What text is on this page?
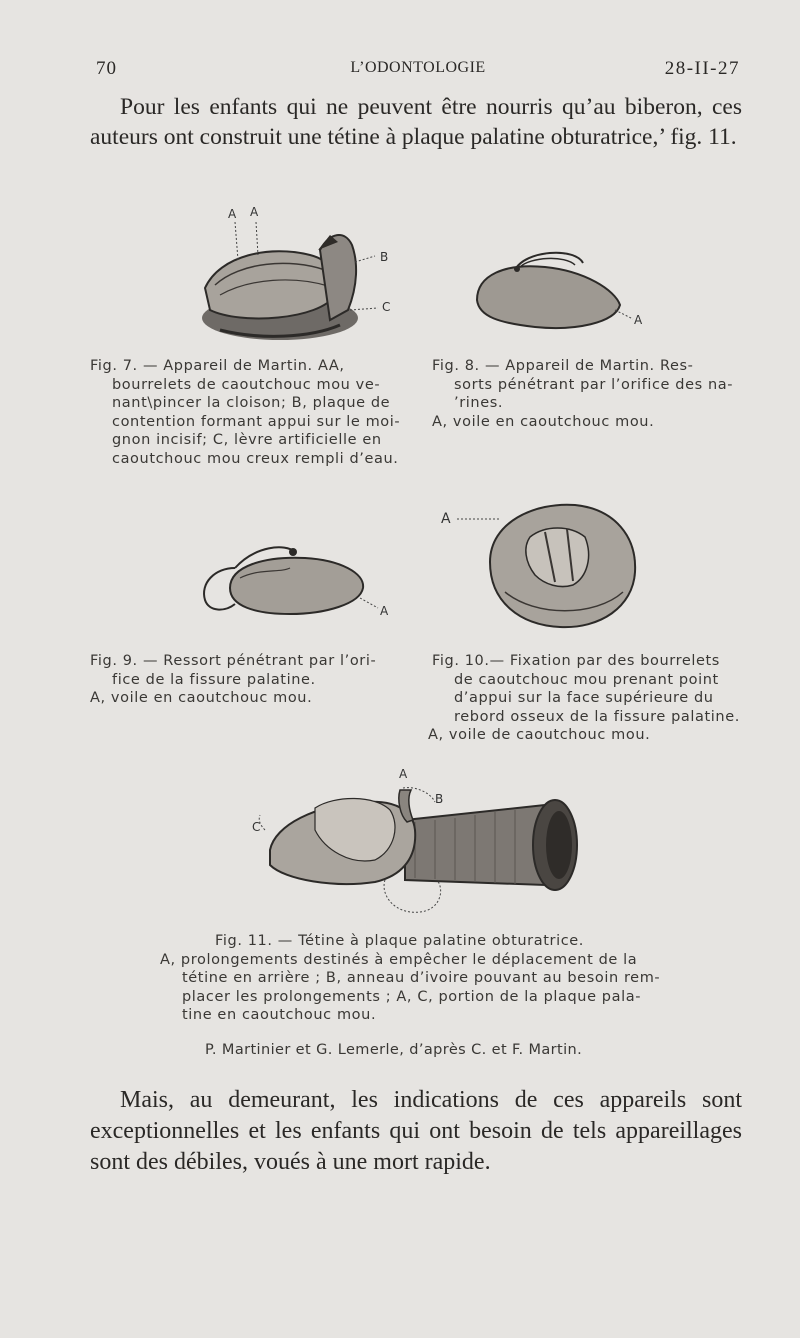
70	L’ODONTOLOGIE	28-II-27

Pour les enfants qui ne peuvent être nourris qu’au biberon, ces auteurs ont construit une tétine à plaque palatine obturatrice,’ fig. 11.

A A
B
C
A
Fig. 7. — Appareil de Martin. AA,
bourrelets de caoutchouc mou ve-
nant\pincer la cloison; B, plaque de
contention formant appui sur le moi-
gnon incisif; C, lèvre artificielle en
caoutchouc mou creux rempli d’eau.
Fig. 8. — Appareil de Martin. Res-
sorts pénétrant par l’orifice des na-
’rines.
A, voile en caoutchouc mou.
A
A
Fig. 9. — Ressort pénétrant par l’ori-
fice de la fissure palatine.
A, voile en caoutchouc mou.
Fig. 10.— Fixation par des bourrelets
de caoutchouc mou prenant point
d’appui sur la face supérieure du
rebord osseux de la fissure palatine.
A, voile de caoutchouc mou.
A
B
C
Fig. 11. — Tétine à plaque palatine obturatrice.
A, prolongements destinés à empêcher le déplacement de la
tétine en arrière ; B, anneau d’ivoire pouvant au besoin rem-
placer les prolongements ; A, C, portion de la plaque pala-
tine en caoutchouc mou.
P. Martinier et G. Lemerle, d’après C. et F. Martin.

Mais, au demeurant, les indications de ces appareils sont exceptionnelles et les enfants qui ont besoin de tels appareillages sont des débiles, voués à une mort rapide.
